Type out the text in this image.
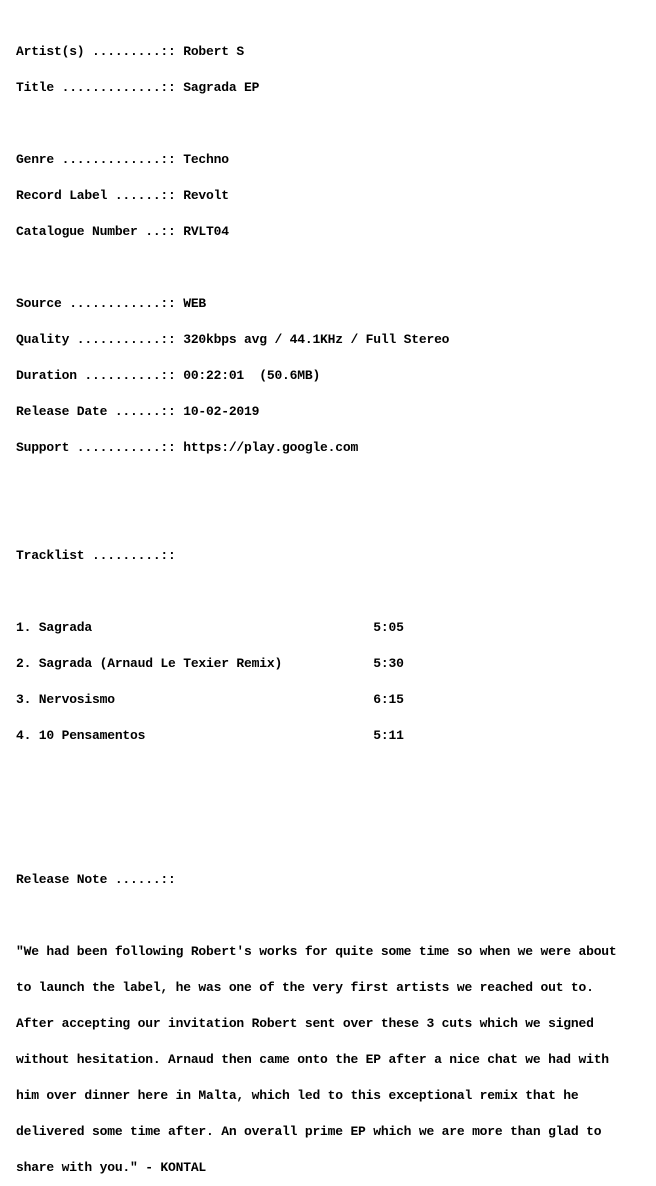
Artist(s) .........:: Robert S

Title .............:: Sagrada EP

Genre .............:: Techno

Record Label ......:: Revolt

Catalogue Number ..:: RVLT04

Source ............:: WEB

Quality ...........:: 320kbps avg / 44.1KHz / Full Stereo

Duration ..........:: 00:22:01  (50.6MB)

Release Date ......:: 10-02-2019

Support ...........:: https://play.google.com

Tracklist .........::

1. Sagrada                                     5:05

2. Sagrada (Arnaud Le Texier Remix)            5:30

3. Nervosismo                                  6:15

4. 10 Pensamentos                              5:11

Release Note ......::

"We had been following Robert's works for quite some time so when we were about

to launch the label, he was one of the very first artists we reached out to.

After accepting our invitation Robert sent over these 3 cuts which we signed

without hesitation. Arnaud then came onto the EP after a nice chat we had with

him over dinner here in Malta, which led to this exceptional remix that he

delivered some time after. An overall prime EP which we are more than glad to

share with you." - KONTAL
